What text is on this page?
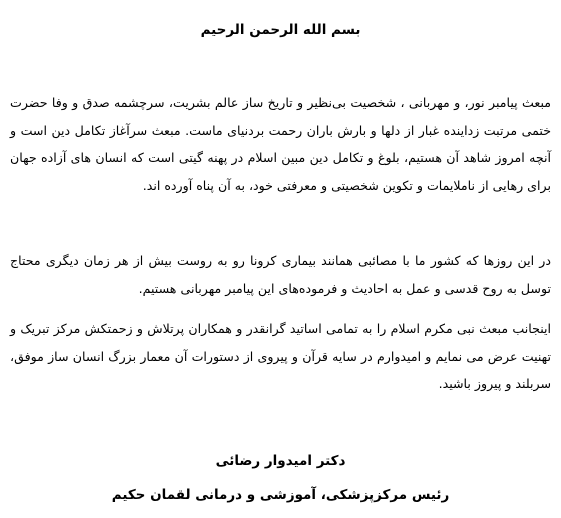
بسم الله الرحمن الرحیم

مبعث پیامبر نور، و مهربانی ، شخصیت بی‌نظیر و تاریخ ساز عالم بشریت، سرچشمه صدق و وفا حضرت ختمی مرتبت زداینده غبار از دلها و بارش باران رحمت بردنیای ماست. مبعث سرآغاز تکامل دین است و آنچه امروز شاهد آن هستیم، بلوغ و تکامل دین مبین اسلام در پهنه گیتی است که انسان های آزاده جهان برای رهایی از ناملایمات و تکوین شخصیتی و معرفتی خود، به آن پناه آورده اند.

در این روزها که کشور ما با مصائبی همانند بیماری کرونا رو به روست بیش از هر زمان دیگری محتاج توسل به روح قدسی و عمل به احادیث و فرموده‌های این پیامبر مهربانی هستیم.

اینجانب مبعث نبی مکرم اسلام را به تمامی اساتید گرانقدر و همکاران پرتلاش و زحمتکش مرکز تبریک و تهنیت عرض می نمایم و امیدوارم در سایه قرآن و پیروی از دستورات آن معمار بزرگ انسان ساز موفق، سربلند و پیروز باشید.

دکتر امیدوار رضائی
رئیس مرکزپزشکی، آموزشی و درمانی لقمان حکیم
